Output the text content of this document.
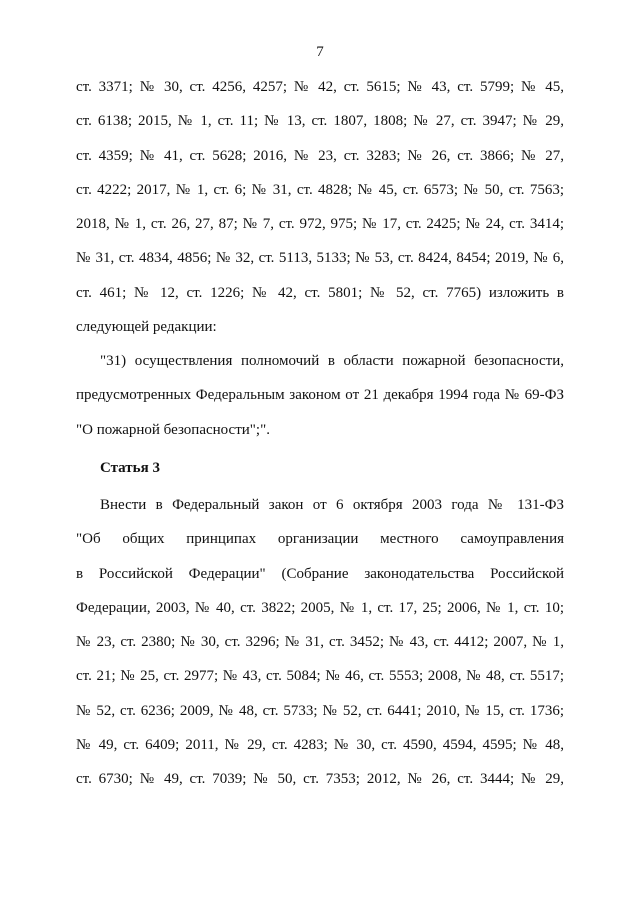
7
ст. 3371; № 30, ст. 4256, 4257; № 42, ст. 5615; № 43, ст. 5799; № 45,
ст. 6138; 2015, № 1, ст. 11; № 13, ст. 1807, 1808; № 27, ст. 3947; № 29,
ст. 4359; № 41, ст. 5628; 2016, № 23, ст. 3283; № 26, ст. 3866; № 27,
ст. 4222; 2017, № 1, ст. 6; № 31, ст. 4828; № 45, ст. 6573; № 50, ст. 7563;
2018, № 1, ст. 26, 27, 87; № 7, ст. 972, 975; № 17, ст. 2425; № 24, ст. 3414;
№ 31, ст. 4834, 4856; № 32, ст. 5113, 5133; № 53, ст. 8424, 8454; 2019, № 6,
ст. 461; № 12, ст. 1226; № 42, ст. 5801; № 52, ст. 7765) изложить в
следующей редакции:
"31) осуществления полномочий в области пожарной безопасности,
предусмотренных Федеральным законом от 21 декабря 1994 года № 69-ФЗ
"О пожарной безопасности";".
Статья 3
Внести в Федеральный закон от 6 октября 2003 года № 131-ФЗ
"Об общих принципах организации местного самоуправления
в Российской Федерации" (Собрание законодательства Российской
Федерации, 2003, № 40, ст. 3822; 2005, № 1, ст. 17, 25; 2006, № 1, ст. 10;
№ 23, ст. 2380; № 30, ст. 3296; № 31, ст. 3452; № 43, ст. 4412; 2007, № 1,
ст. 21; № 25, ст. 2977; № 43, ст. 5084; № 46, ст. 5553; 2008, № 48, ст. 5517;
№ 52, ст. 6236; 2009, № 48, ст. 5733; № 52, ст. 6441; 2010, № 15, ст. 1736;
№ 49, ст. 6409; 2011, № 29, ст. 4283; № 30, ст. 4590, 4594, 4595; № 48,
ст. 6730; № 49, ст. 7039; № 50, ст. 7353; 2012, № 26, ст. 3444; № 29,
